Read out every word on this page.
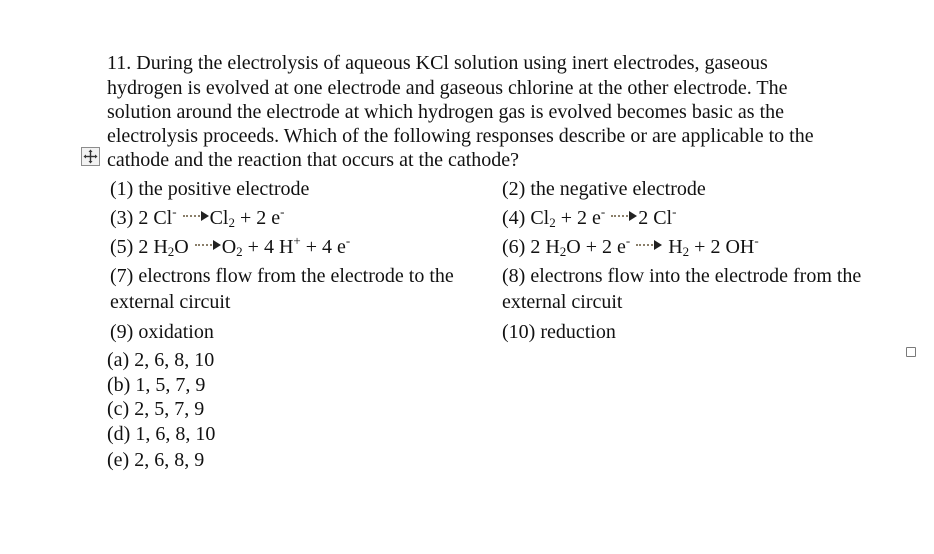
11. During the electrolysis of aqueous KCl solution using inert electrodes, gaseous
hydrogen is evolved at one electrode and gaseous chlorine at the other electrode. The
solution around the electrode at which hydrogen gas is evolved becomes basic as the
electrolysis proceeds. Which of the following responses describe or are applicable to the
cathode and the reaction that occurs at the cathode?
(1) the positive electrode
(3) 2 Cl- $Cl_2 + 2$ e-
(5) 2 $H_2O$ $O_2 + 4$ H+ + 4 e-
(7) electrons flow from the electrode to the
external circuit
(9) oxidation
(2) the negative electrode
(4) $Cl_2 + 2$ e- 2 Cl-
(6) 2 $H_2O + 2$ e-  $H_2 + 2$ OH-
(8) electrons flow into the electrode from the
external circuit
(10) reduction
(a) 2, 6, 8, 10
(b) 1, 5, 7, 9
(c) 2, 5, 7, 9
(d) 1, 6, 8, 10
(e) 2, 6, 8, 9
